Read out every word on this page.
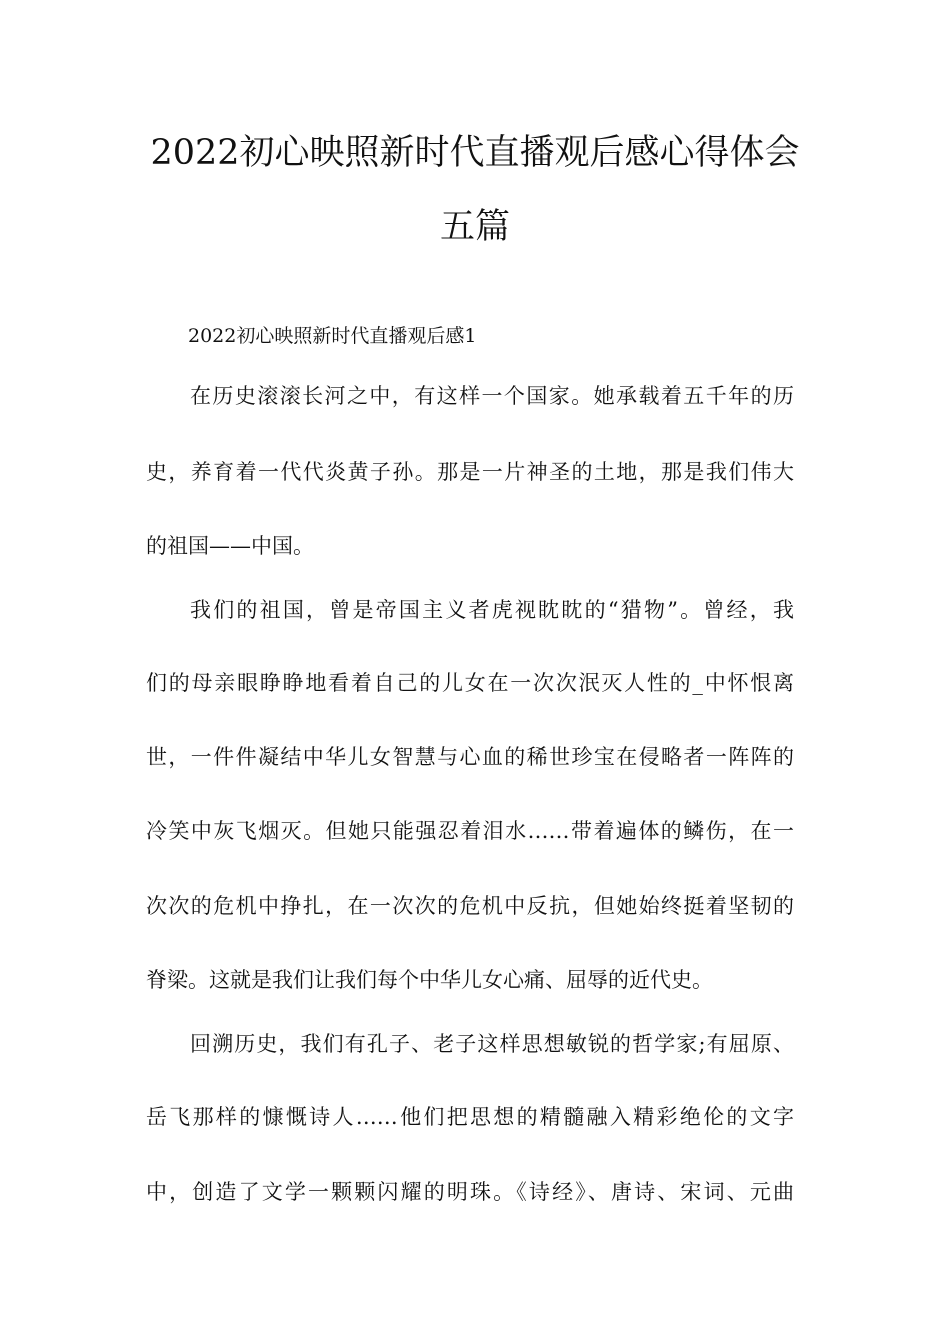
2022初心映照新时代直播观后感心得体会
五篇
2022初心映照新时代直播观后感1
在历史滚滚长河之中，有这样一个国家。她承载着五千年的历
史，养育着一代代炎黄子孙。那是一片神圣的土地，那是我们伟大
的祖国——中国。
我们的祖国，曾是帝国主义者虎视眈眈的“猎物”。曾经，我
们的母亲眼睁睁地看着自己的儿女在一次次泯灭人性的_中怀恨离
世，一件件凝结中华儿女智慧与心血的稀世珍宝在侵略者一阵阵的
冷笑中灰飞烟灭。但她只能强忍着泪水……带着遍体的鳞伤，在一
次次的危机中挣扎，在一次次的危机中反抗，但她始终挺着坚韧的
脊梁。这就是我们让我们每个中华儿女心痛、屈辱的近代史。
回溯历史，我们有孔子、老子这样思想敏锐的哲学家;有屈原、
岳飞那样的慷慨诗人……他们把思想的精髓融入精彩绝伦的文字
中，创造了文学一颗颗闪耀的明珠。《诗经》、唐诗、宋词、元曲
